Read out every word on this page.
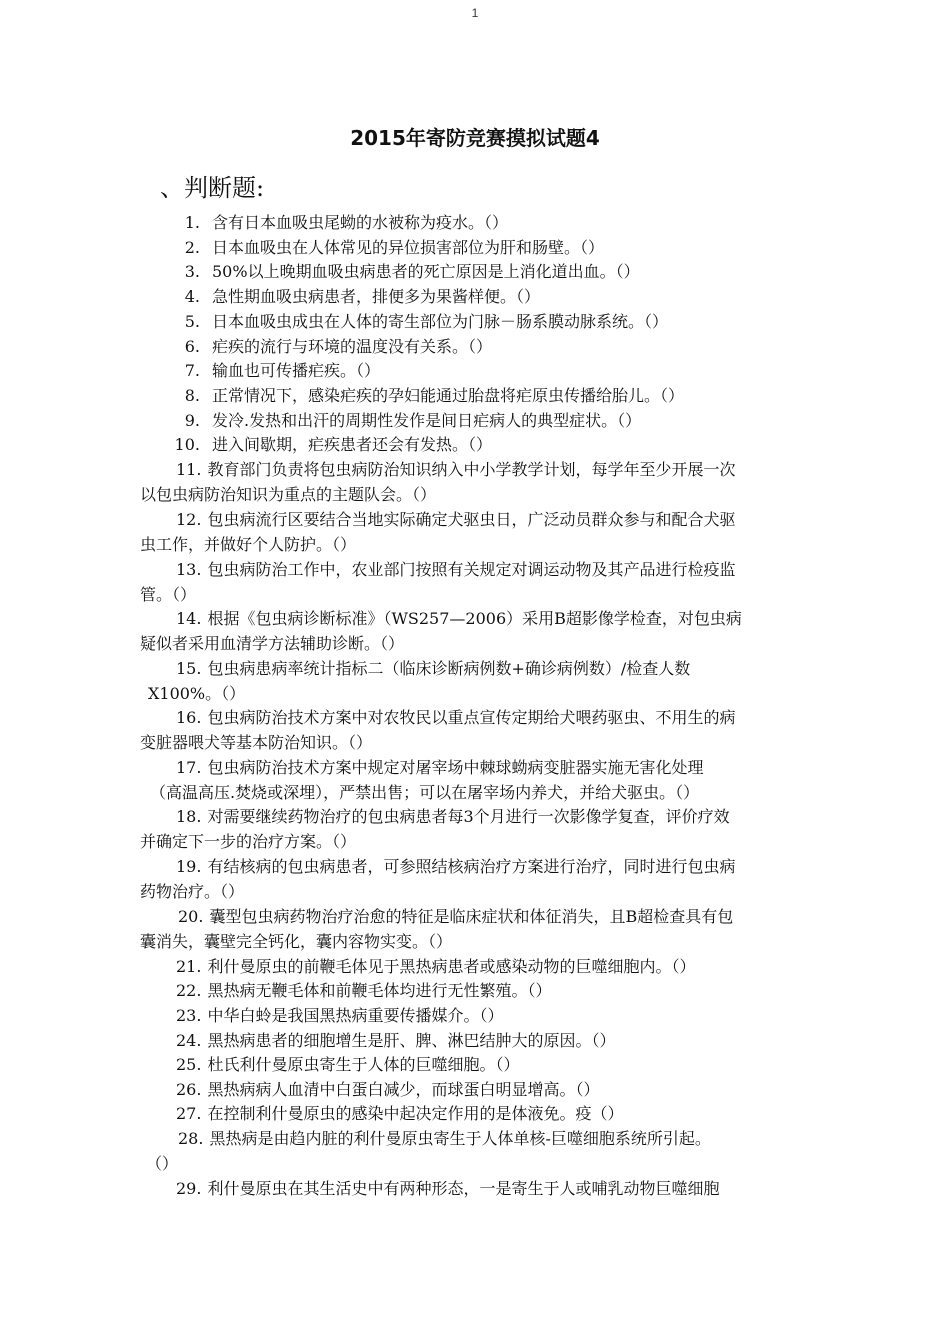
1
2015年寄防竞赛摸拟试题4
、判断题:
1. 含有日本血吸虫尾蚴的水被称为疫水。（）
2. 日本血吸虫在人体常见的异位损害部位为肝和肠壁。（）
3. 50%以上晚期血吸虫病患者的死亡原因是上消化道出血。（）
4. 急性期血吸虫病患者，排便多为果酱样便。（）
5. 日本血吸虫成虫在人体的寄生部位为门脉－肠系膜动脉系统。（）
6. 疟疾的流行与环境的温度没有关系。（）
7. 输血也可传播疟疾。（）
8. 正常情况下，感染疟疾的孕妇能通过胎盘将疟原虫传播给胎儿。（）
9. 发冷.发热和出汗的周期性发作是间日疟病人的典型症状。（）
10. 进入间歇期，疟疾患者还会有发热。（）
11. 教育部门负责将包虫病防治知识纳入中小学教学计划，每学年至少开展一次
以包虫病防治知识为重点的主题队会。（）
12. 包虫病流行区要结合当地实际确定犬驱虫日，广泛动员群众参与和配合犬驱
虫工作，并做好个人防护。（）
13. 包虫病防治工作中，农业部门按照有关规定对调运动物及其产品进行检疫监
管。（）
14. 根据《包虫病诊断标准》（WS257—2006）采用B超影像学检查，对包虫病
疑似者采用血清学方法辅助诊断。（）
15. 包虫病患病率统计指标二（临床诊断病例数+确诊病例数）/检查人数
X100%。（）
16. 包虫病防治技术方案中对农牧民以重点宣传定期给犬喂药驱虫、不用生的病
变脏器喂犬等基本防治知识。（）
17. 包虫病防治技术方案中规定对屠宰场中棘球蚴病变脏器实施无害化处理
（高温高压.焚烧或深埋），严禁出售；可以在屠宰场内养犬，并给犬驱虫。（）
18. 对需要继续药物治疗的包虫病患者每3个月进行一次影像学复查，评价疗效
并确定下一步的治疗方案。（）
19. 有结核病的包虫病患者，可参照结核病治疗方案进行治疗，同时进行包虫病
药物治疗。（）
20. 囊型包虫病药物治疗治愈的特征是临床症状和体征消失，且B超检查具有包
囊消失，囊壁完全钙化，囊内容物实变。（）
21. 利什曼原虫的前鞭毛体见于黑热病患者或感染动物的巨噬细胞内。（）
22. 黑热病无鞭毛体和前鞭毛体均进行无性繁殖。（）
23. 中华白蛉是我国黑热病重要传播媒介。（）
24. 黑热病患者的细胞增生是肝、脾、淋巴结肿大的原因。（）
25. 杜氏利什曼原虫寄生于人体的巨噬细胞。（）
26. 黑热病病人血清中白蛋白减少，而球蛋白明显增高。（）
27. 在控制利什曼原虫的感染中起决定作用的是体液免。疫（）
28. 黑热病是由趋内脏的利什曼原虫寄生于人体单核-巨噬细胞系统所引起。
（）
29. 利什曼原虫在其生活史中有两种形态，一是寄生于人或哺乳动物巨噬细胞
